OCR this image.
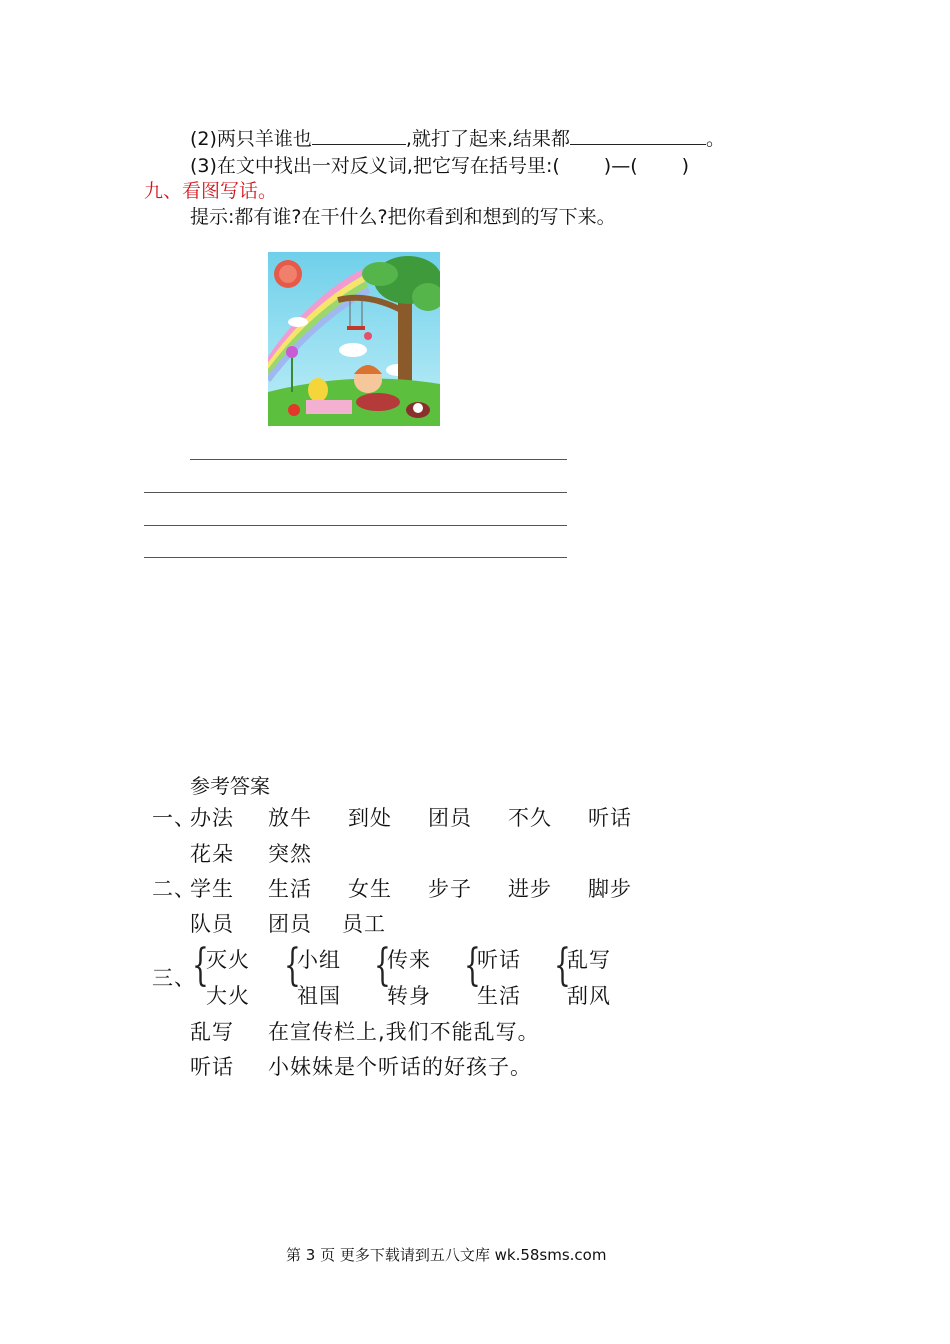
(2)两只羊谁也	,就打了起来,结果都	。
(3)在文中找出一对反义词,把它写在括号里:( )—( )
九、看图写话。
提示:都有谁?在干什么?把你看到和想到的写下来。
参考答案
一、
办法 放牛 到处 团员 不久 听话
花朵 突然
二、
学生 生活 女生 步子 进步 脚步
队员 团员 员工
三、
{
灭火
大火
{
小组
祖国
{
传来
转身
{
听话
生活
{
乱写
刮风
乱写 在宣传栏上,我们不能乱写。
听话 小妹妹是个听话的好孩子。
第 3 页 更多下载请到五八文库 wk.58sms.com
